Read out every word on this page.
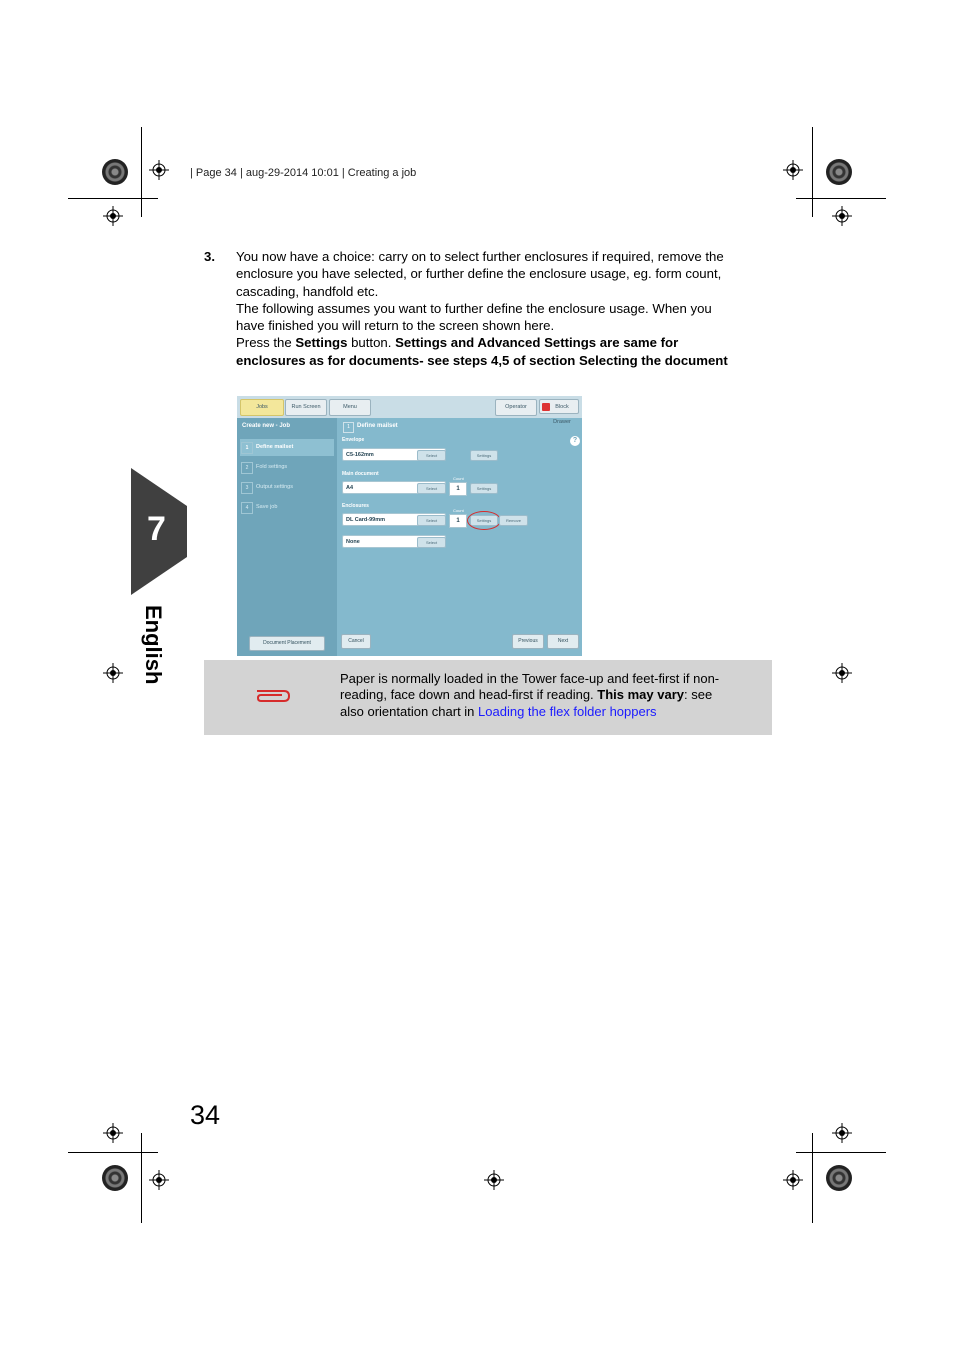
| Page 34 | aug-29-2014 10:01 | Creating a job
3. You now have a choice: carry on to select further enclosures if required, remove the
enclosure you have selected, or further define the enclosure usage, eg. form count,
cascading, handfold etc.
The following assumes you want to further define the enclosure usage. When you
have finished you will return to the screen shown here.
Press the Settings button. Settings and Advanced Settings are same for
enclosures as for documents- see steps 4,5 of section Selecting the document
7
English
Jobs	Run Screen	Menu	Operator	Block Drawer
Create new - Job
1	Define mailset
2	Fold settings
3	Output settings
4	Save job
Document Placement
1	Define mailset
?
Envelope
C5-162mm	Select	Settings
Main document
A4	Select
Count
1	Settings
Enclosures
DL Card-99mm	Select
Count
1	Settings	Remove
None	Select
Cancel	Previous	Next
Paper is normally loaded in the Tower face-up and feet-first if non-
reading, face down and head-first if reading. This may vary: see
also orientation chart in Loading the flex folder hoppers
34
